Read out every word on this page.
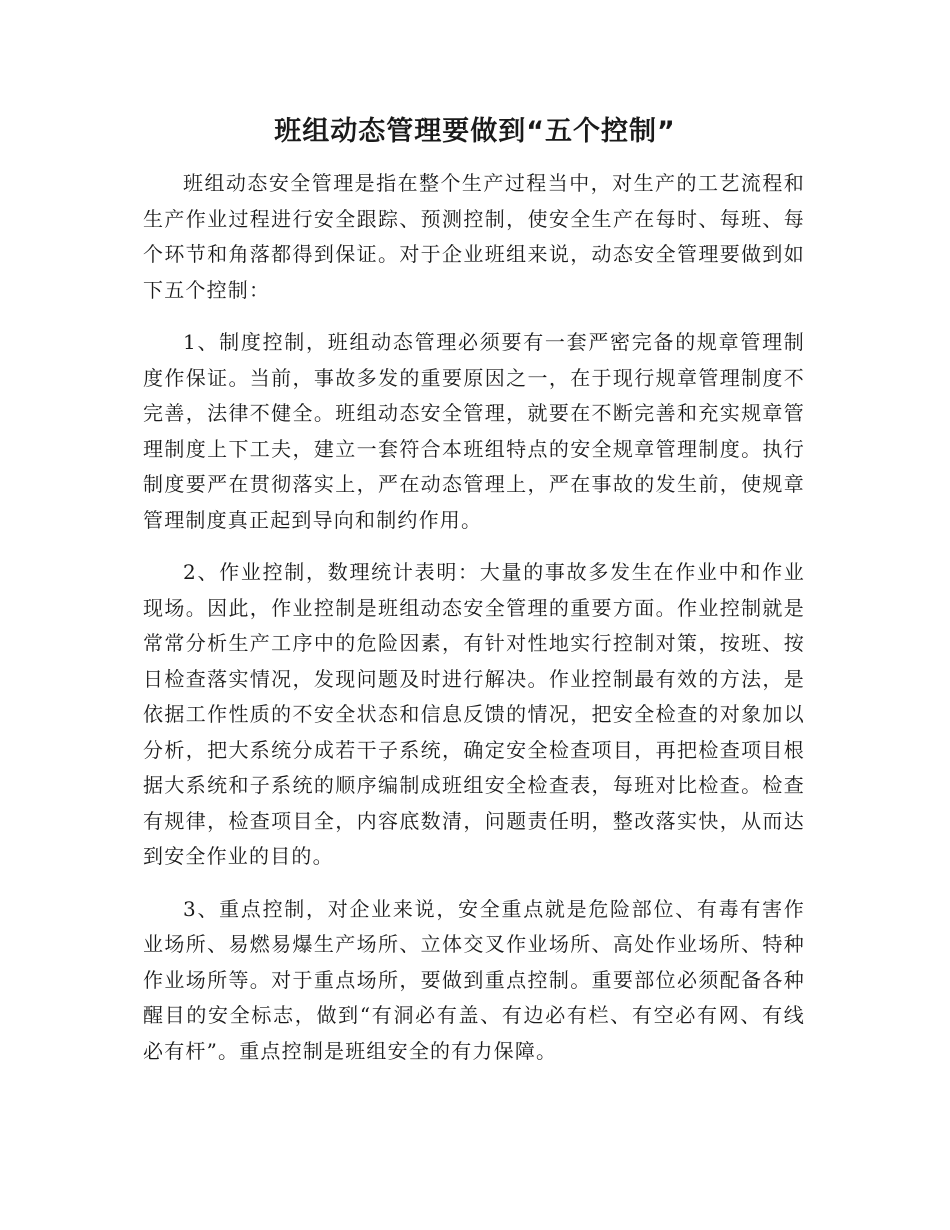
班组动态管理要做到“五个控制”

班组动态安全管理是指在整个生产过程当中，对生产的工艺流程和生产作业过程进行安全跟踪、预测控制，使安全生产在每时、每班、每个环节和角落都得到保证。对于企业班组来说，动态安全管理要做到如下五个控制：

1、制度控制，班组动态管理必须要有一套严密完备的规章管理制度作保证。当前，事故多发的重要原因之一，在于现行规章管理制度不完善，法律不健全。班组动态安全管理，就要在不断完善和充实规章管理制度上下工夫，建立一套符合本班组特点的安全规章管理制度。执行制度要严在贯彻落实上，严在动态管理上，严在事故的发生前，使规章管理制度真正起到导向和制约作用。

2、作业控制，数理统计表明：大量的事故多发生在作业中和作业现场。因此，作业控制是班组动态安全管理的重要方面。作业控制就是常常分析生产工序中的危险因素，有针对性地实行控制对策，按班、按日检查落实情况，发现问题及时进行解决。作业控制最有效的方法，是依据工作性质的不安全状态和信息反馈的情况，把安全检查的对象加以分析，把大系统分成若干子系统，确定安全检查项目，再把检查项目根据大系统和子系统的顺序编制成班组安全检查表，每班对比检查。检查有规律，检查项目全，内容底数清，问题责任明，整改落实快，从而达到安全作业的目的。

3、重点控制，对企业来说，安全重点就是危险部位、有毒有害作业场所、易燃易爆生产场所、立体交叉作业场所、高处作业场所、特种作业场所等。对于重点场所，要做到重点控制。重要部位必须配备各种醒目的安全标志，做到“有洞必有盖、有边必有栏、有空必有网、有线必有杆”。重点控制是班组安全的有力保障。
